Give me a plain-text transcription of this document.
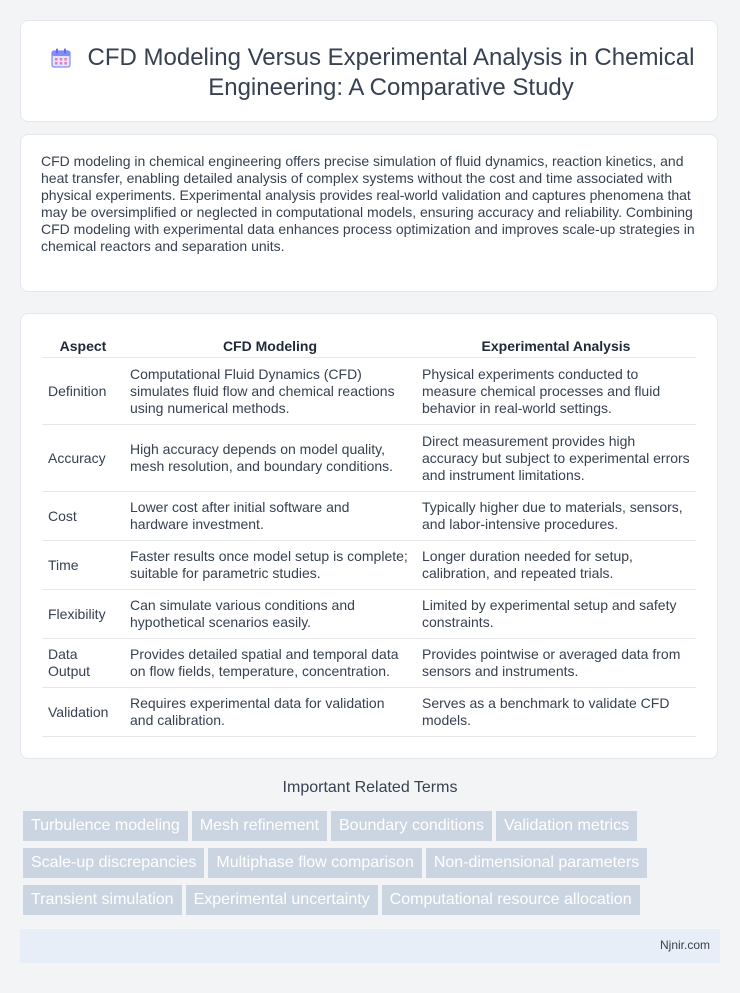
CFD Modeling Versus Experimental Analysis in Chemical Engineering: A Comparative Study

CFD modeling in chemical engineering offers precise simulation of fluid dynamics, reaction kinetics, and heat transfer, enabling detailed analysis of complex systems without the cost and time associated with physical experiments. Experimental analysis provides real-world validation and captures phenomena that may be oversimplified or neglected in computational models, ensuring accuracy and reliability. Combining CFD modeling with experimental data enhances process optimization and improves scale-up strategies in chemical reactors and separation units.

Aspect	CFD Modeling	Experimental Analysis
Definition	Computational Fluid Dynamics (CFD) simulates fluid flow and chemical reactions using numerical methods.	Physical experiments conducted to measure chemical processes and fluid behavior in real-world settings.
Accuracy	High accuracy depends on model quality, mesh resolution, and boundary conditions.	Direct measurement provides high accuracy but subject to experimental errors and instrument limitations.
Cost	Lower cost after initial software and hardware investment.	Typically higher due to materials, sensors, and labor-intensive procedures.
Time	Faster results once model setup is complete; suitable for parametric studies.	Longer duration needed for setup, calibration, and repeated trials.
Flexibility	Can simulate various conditions and hypothetical scenarios easily.	Limited by experimental setup and safety constraints.
Data Output	Provides detailed spatial and temporal data on flow fields, temperature, concentration.	Provides pointwise or averaged data from sensors and instruments.
Validation	Requires experimental data for validation and calibration.	Serves as a benchmark to validate CFD models.
Important Related Terms
Turbulence modeling Mesh refinement Boundary conditions Validation metrics
Scale-up discrepancies Multiphase flow comparison Non-dimensional parameters
Transient simulation Experimental uncertainty Computational resource allocation
Njnir.com
